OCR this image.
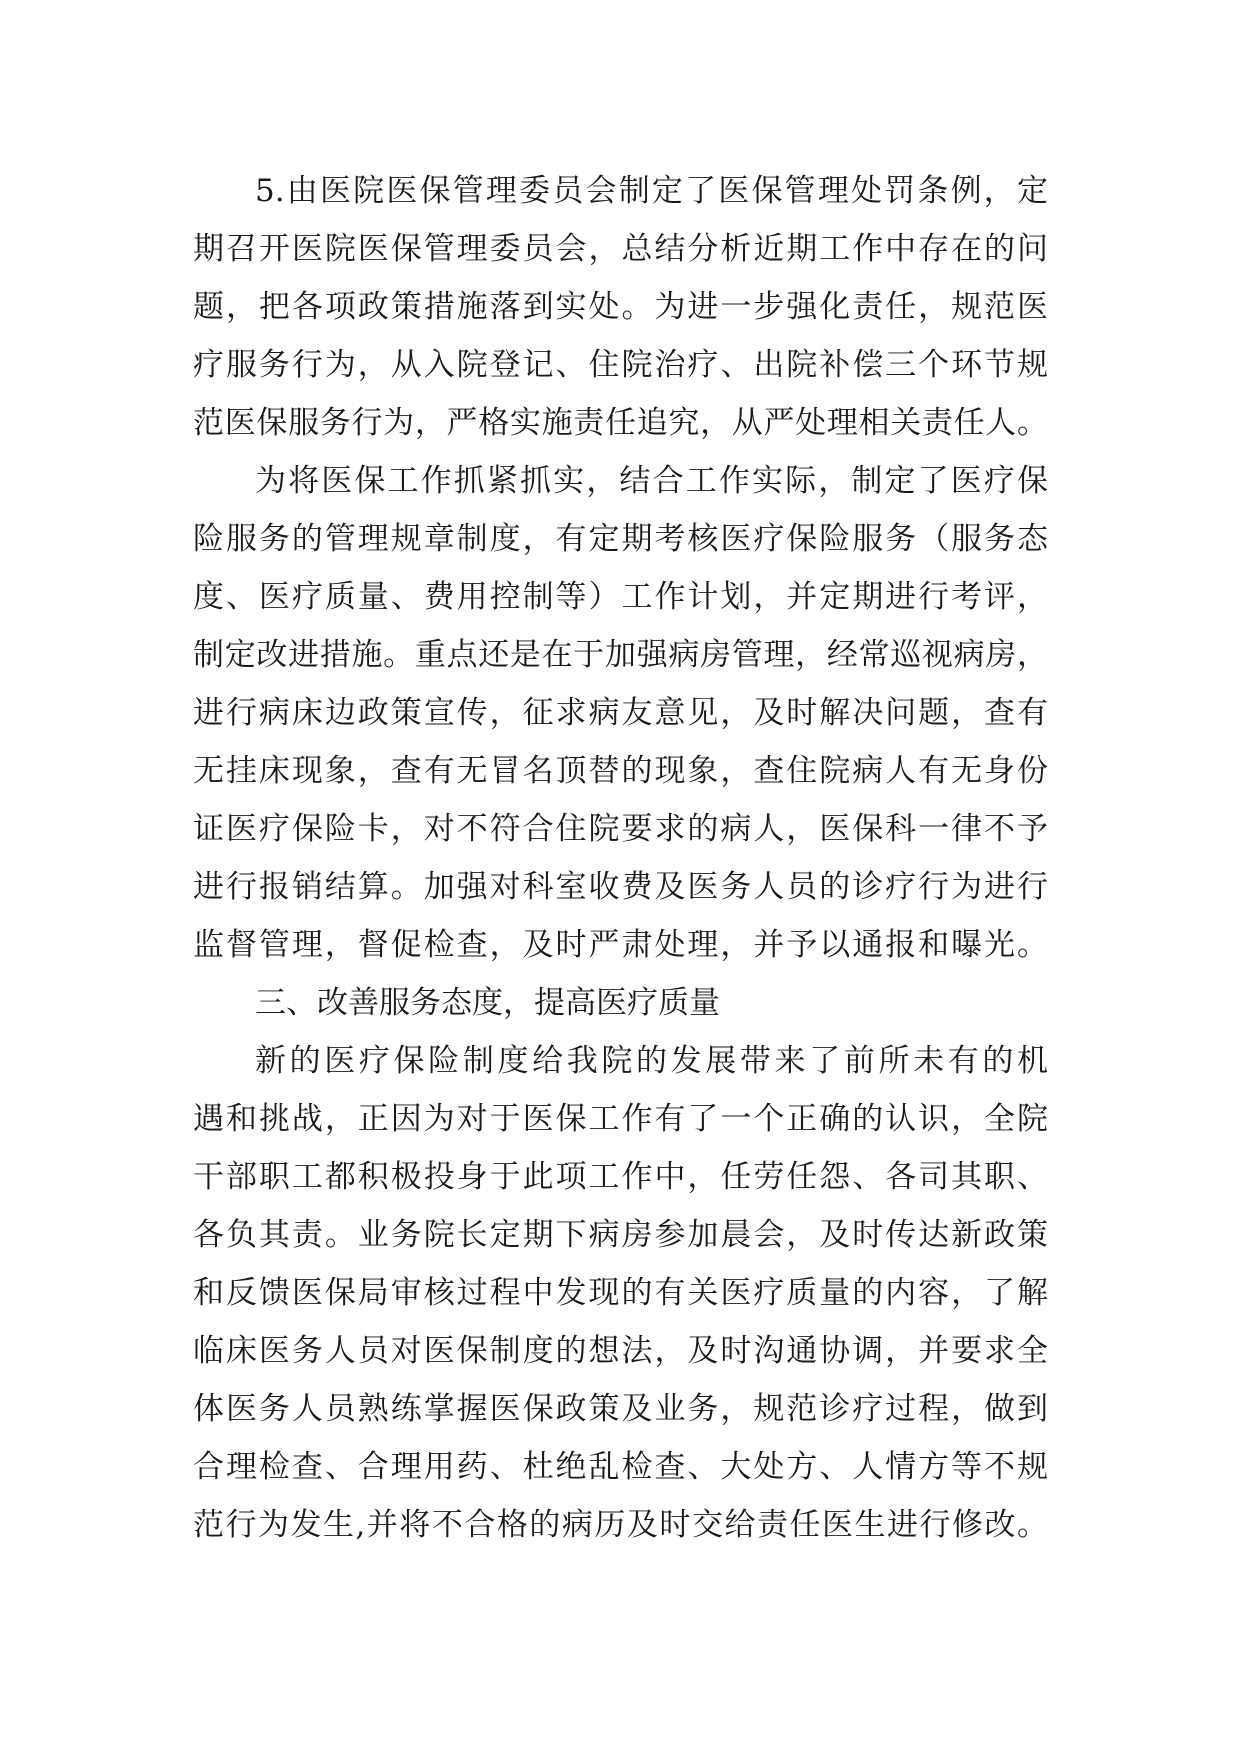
5.由医院医保管理委员会制定了医保管理处罚条例，定
期召开医院医保管理委员会，总结分析近期工作中存在的问
题，把各项政策措施落到实处。为进一步强化责任，规范医
疗服务行为，从入院登记、住院治疗、出院补偿三个环节规
范医保服务行为，严格实施责任追究，从严处理相关责任人。
为将医保工作抓紧抓实，结合工作实际，制定了医疗保
险服务的管理规章制度，有定期考核医疗保险服务（服务态
度、医疗质量、费用控制等）工作计划，并定期进行考评，
制定改进措施。重点还是在于加强病房管理，经常巡视病房，
进行病床边政策宣传，征求病友意见，及时解决问题，查有
无挂床现象，查有无冒名顶替的现象，查住院病人有无身份
证医疗保险卡，对不符合住院要求的病人，医保科一律不予
进行报销结算。加强对科室收费及医务人员的诊疗行为进行
监督管理，督促检查，及时严肃处理，并予以通报和曝光。
三、改善服务态度，提高医疗质量
新的医疗保险制度给我院的发展带来了前所未有的机
遇和挑战，正因为对于医保工作有了一个正确的认识，全院
干部职工都积极投身于此项工作中，任劳任怨、各司其职、
各负其责。业务院长定期下病房参加晨会，及时传达新政策
和反馈医保局审核过程中发现的有关医疗质量的内容，了解
临床医务人员对医保制度的想法，及时沟通协调，并要求全
体医务人员熟练掌握医保政策及业务，规范诊疗过程，做到
合理检查、合理用药、杜绝乱检查、大处方、人情方等不规
范行为发生,并将不合格的病历及时交给责任医生进行修改。
